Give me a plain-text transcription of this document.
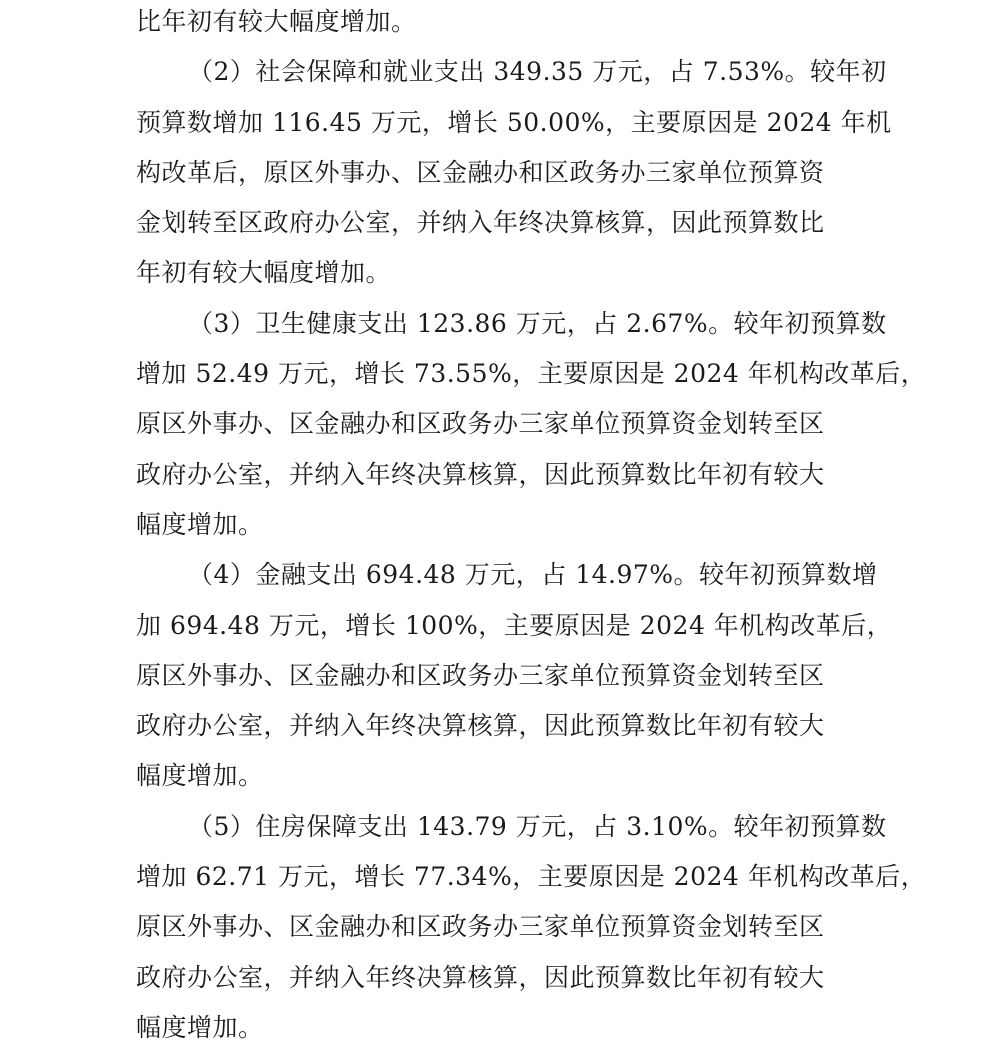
比年初有较大幅度增加。
（2）社会保障和就业支出 349.35 万元，占 7.53%。较年初
预算数增加 116.45 万元，增长 50.00%，主要原因是 2024 年机
构改革后，原区外事办、区金融办和区政务办三家单位预算资
金划转至区政府办公室，并纳入年终决算核算，因此预算数比
年初有较大幅度增加。
（3）卫生健康支出 123.86 万元，占 2.67%。较年初预算数
增加 52.49 万元，增长 73.55%，主要原因是 2024 年机构改革后，
原区外事办、区金融办和区政务办三家单位预算资金划转至区
政府办公室，并纳入年终决算核算，因此预算数比年初有较大
幅度增加。
（4）金融支出 694.48 万元，占 14.97%。较年初预算数增
加 694.48 万元，增长 100%，主要原因是 2024 年机构改革后，
原区外事办、区金融办和区政务办三家单位预算资金划转至区
政府办公室，并纳入年终决算核算，因此预算数比年初有较大
幅度增加。
（5）住房保障支出 143.79 万元，占 3.10%。较年初预算数
增加 62.71 万元，增长 77.34%，主要原因是 2024 年机构改革后，
原区外事办、区金融办和区政务办三家单位预算资金划转至区
政府办公室，并纳入年终决算核算，因此预算数比年初有较大
幅度增加。
